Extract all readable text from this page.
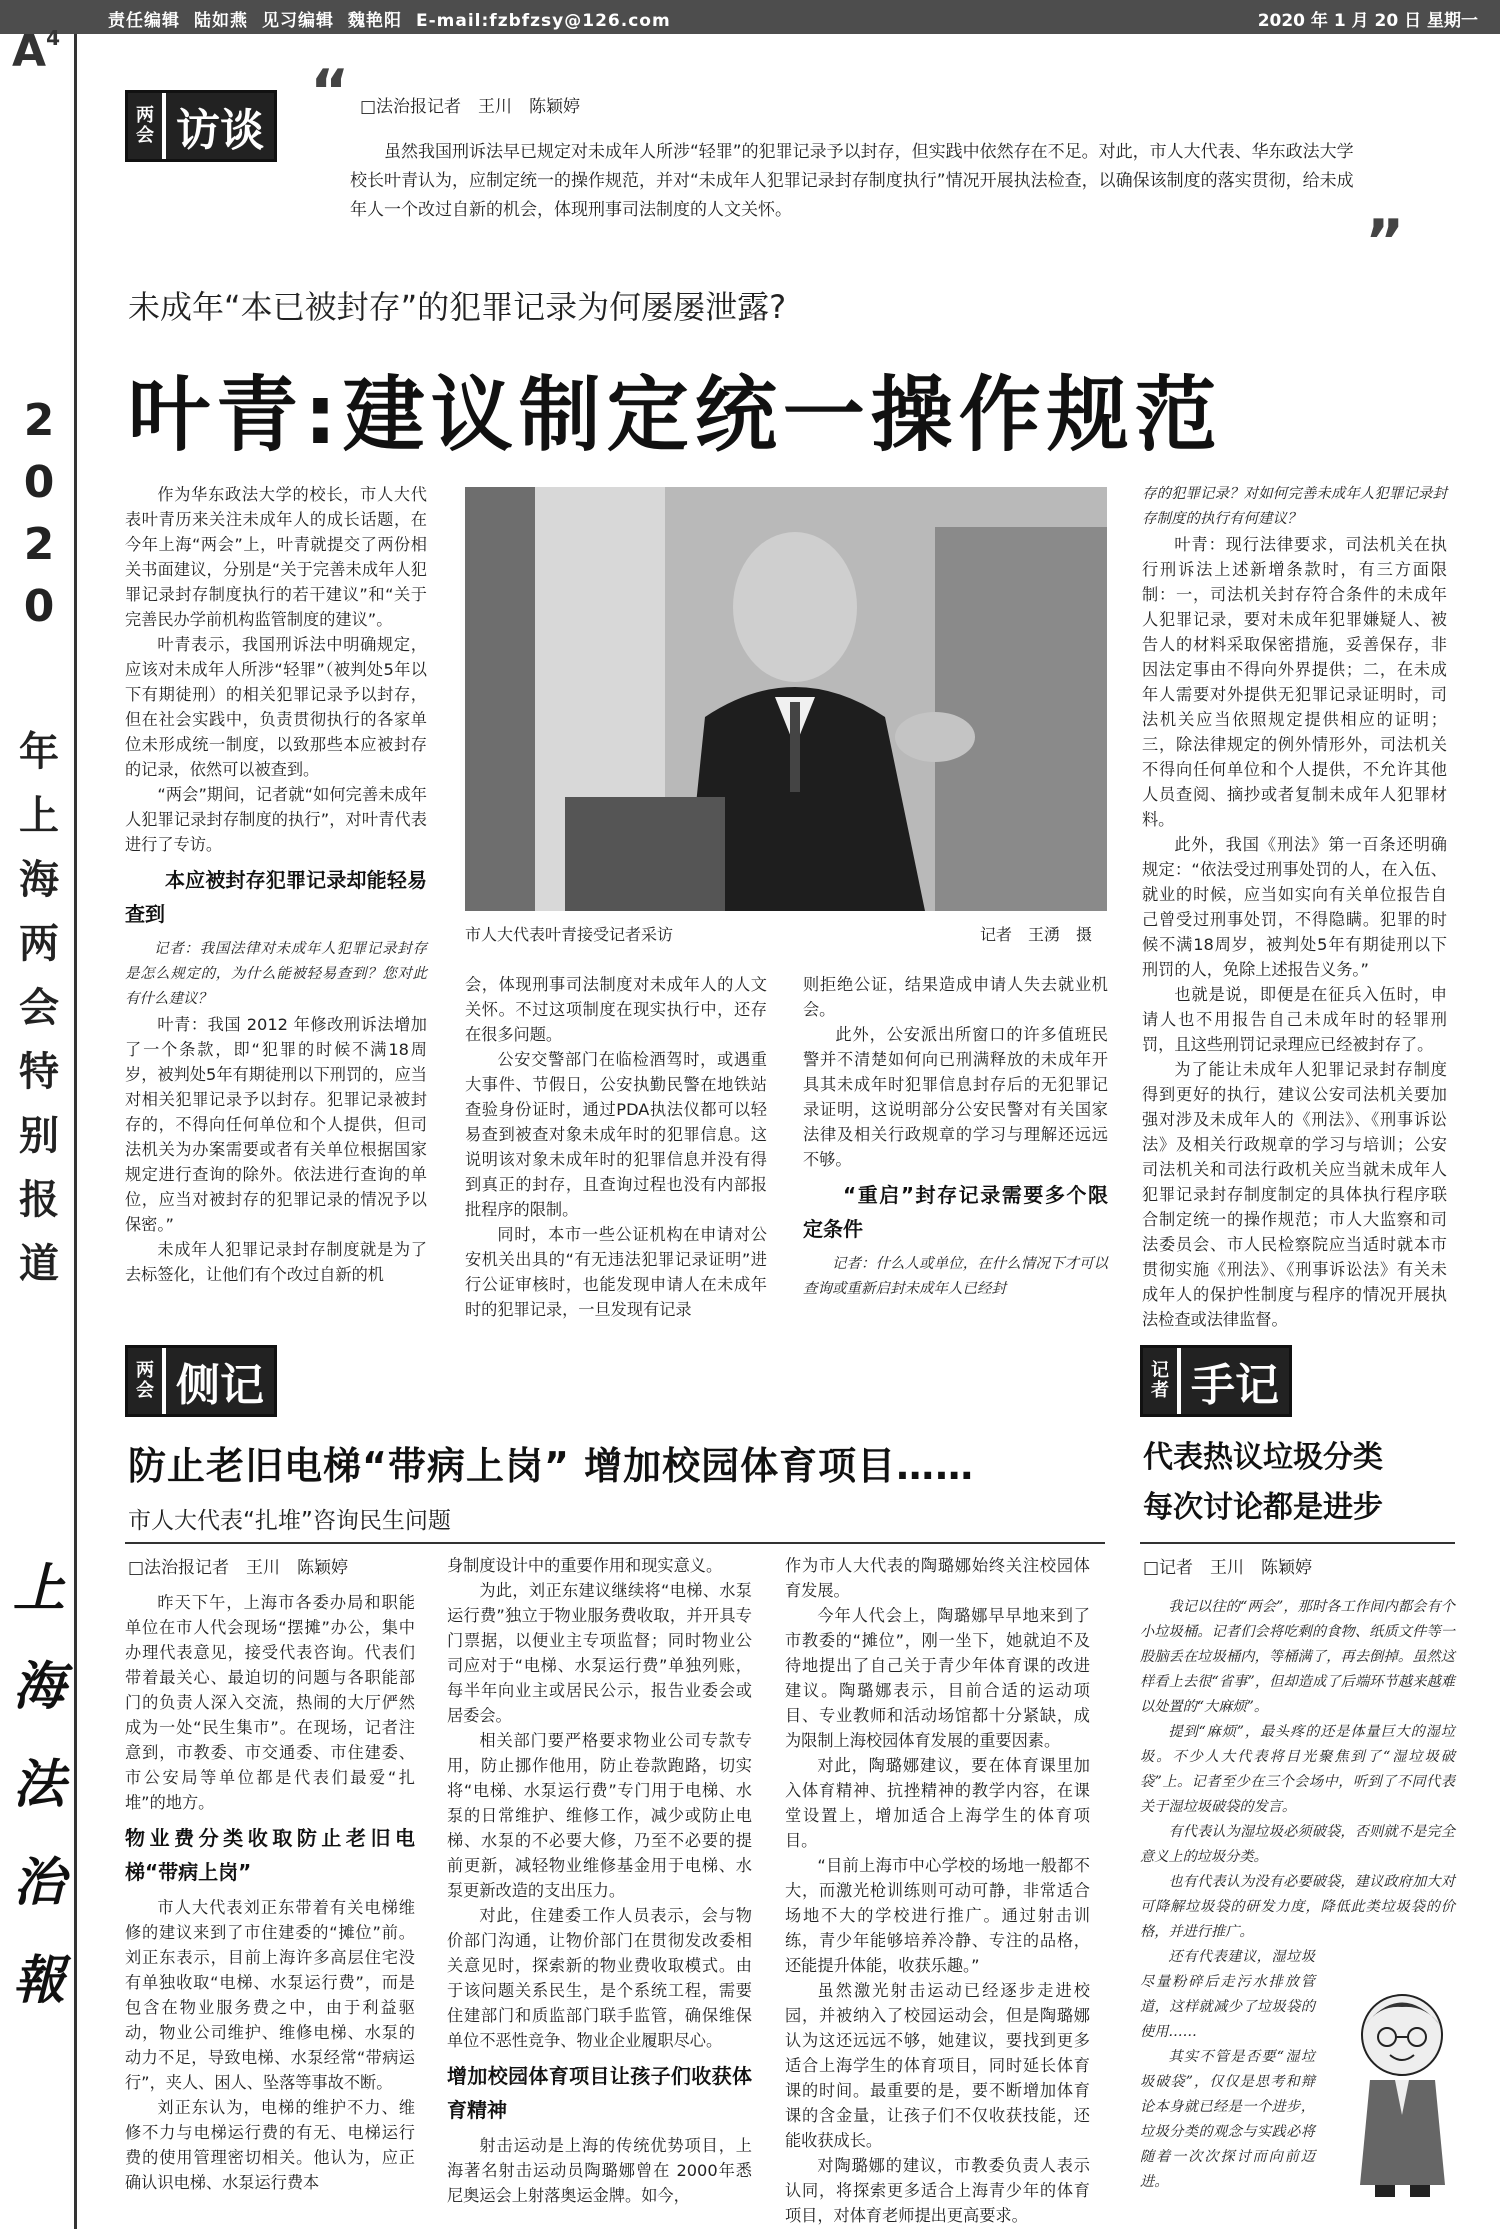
责任编辑 陆如燕 见习编辑 魏艳阳 E-mail:fzbfzsy@126.com	2020 年 1 月 20 日 星期一
$A^4$
2
0
2
0
年
上
海
两
会
特
别
报
道
上
海
法
治
報
两
会 访谈
“ □法治报记者　王川　陈颖婷
虽然我国刑诉法早已规定对未成年人所涉“轻罪”的犯罪记录予以封存，但实践中依然存在不足。对此，市人大代表、华东政法大学校长叶青认为，应制定统一的操作规范，并对“未成年人犯罪记录封存制度执行”情况开展执法检查，以确保该制度的落实贯彻，给未成年人一个改过自新的机会，体现刑事司法制度的人文关怀。	”
未成年“本已被封存”的犯罪记录为何屡屡泄露?
叶青:建议制定统一操作规范

作为华东政法大学的校长，市人大代表叶青历来关注未成年人的成长话题，在今年上海“两会”上，叶青就提交了两份相关书面建议，分别是“关于完善未成年人犯罪记录封存制度执行的若干建议”和“关于完善民办学前机构监管制度的建议”。

叶青表示，我国刑诉法中明确规定，应该对未成年人所涉“轻罪”（被判处5年以下有期徒刑）的相关犯罪记录予以封存，但在社会实践中，负责贯彻执行的各家单位未形成统一制度，以致那些本应被封存的记录，依然可以被查到。

“两会”期间，记者就“如何完善未成年人犯罪记录封存制度的执行”，对叶青代表进行了专访。

本应被封存犯罪记录却能轻易查到

记者：我国法律对未成年人犯罪记录封存是怎么规定的，为什么能被轻易查到？您对此有什么建议？

叶青：我国 2012 年修改刑诉法增加了一个条款，即“犯罪的时候不满18周岁，被判处5年有期徒刑以下刑罚的，应当对相关犯罪记录予以封存。犯罪记录被封存的，不得向任何单位和个人提供，但司法机关为办案需要或者有关单位根据国家规定进行查询的除外。依法进行查询的单位，应当对被封存的犯罪记录的情况予以保密。”

未成年人犯罪记录封存制度就是为了去标签化，让他们有个改过自新的机

市人大代表叶青接受记者采访	记者　王湧　摄

会，体现刑事司法制度对未成年人的人文关怀。不过这项制度在现实执行中，还存在很多问题。

公安交警部门在临检酒驾时，或遇重大事件、节假日，公安执勤民警在地铁站查验身份证时，通过PDA执法仪都可以轻易查到被查对象未成年时的犯罪信息。这说明该对象未成年时的犯罪信息并没有得到真正的封存，且查询过程也没有内部报批程序的限制。

同时，本市一些公证机构在申请对公安机关出具的“有无违法犯罪记录证明”进行公证审核时，也能发现申请人在未成年时的犯罪记录，一旦发现有记录

则拒绝公证，结果造成申请人失去就业机会。

此外，公安派出所窗口的许多值班民警并不清楚如何向已刑满释放的未成年开具其未成年时犯罪信息封存后的无犯罪记录证明，这说明部分公安民警对有关国家法律及相关行政规章的学习与理解还远远不够。

“重启”封存记录需要多个限定条件

记者：什么人或单位，在什么情况下才可以查询或重新启封未成年人已经封

存的犯罪记录？对如何完善未成年人犯罪记录封存制度的执行有何建议？

叶青：现行法律要求，司法机关在执行刑诉法上述新增条款时，有三方面限制：一，司法机关封存符合条件的未成年人犯罪记录，要对未成年犯罪嫌疑人、被告人的材料采取保密措施，妥善保存，非因法定事由不得向外界提供；二，在未成年人需要对外提供无犯罪记录证明时，司法机关应当依照规定提供相应的证明；三，除法律规定的例外情形外，司法机关不得向任何单位和个人提供，不允许其他人员查阅、摘抄或者复制未成年人犯罪材料。

此外，我国《刑法》第一百条还明确规定：“依法受过刑事处罚的人，在入伍、就业的时候，应当如实向有关单位报告自己曾受过刑事处罚，不得隐瞒。犯罪的时候不满18周岁，被判处5年有期徒刑以下刑罚的人，免除上述报告义务。”

也就是说，即便是在征兵入伍时，申请人也不用报告自己未成年时的轻罪刑罚，且这些刑罚记录理应已经被封存了。

为了能让未成年人犯罪记录封存制度得到更好的执行，建议公安司法机关要加强对涉及未成年人的《刑法》、《刑事诉讼法》及相关行政规章的学习与培训；公安司法机关和司法行政机关应当就未成年人犯罪记录封存制度制定的具体执行程序联合制定统一的操作规范；市人大监察和司法委员会、市人民检察院应当适时就本市贯彻实施《刑法》、《刑事诉讼法》有关未成年人的保护性制度与程序的情况开展执法检查或法律监督。

两
会 侧记
防止老旧电梯“带病上岗” 增加校园体育项目……
市人大代表“扎堆”咨询民生问题
□法治报记者　王川　陈颖婷

昨天下午，上海市各委办局和职能单位在市人代会现场“摆摊”办公，集中办理代表意见，接受代表咨询。代表们带着最关心、最迫切的问题与各职能部门的负责人深入交流，热闹的大厅俨然成为一处“民生集市”。在现场，记者注意到，市教委、市交通委、市住建委、市公安局等单位都是代表们最爱“扎堆”的地方。

物业费分类收取防止老旧电梯“带病上岗”

市人大代表刘正东带着有关电梯维修的建议来到了市住建委的“摊位”前。刘正东表示，目前上海许多高层住宅没有单独收取“电梯、水泵运行费”，而是包含在物业服务费之中，由于利益驱动，物业公司维护、维修电梯、水泵的动力不足，导致电梯、水泵经常“带病运行”，夹人、困人、坠落等事故不断。

刘正东认为，电梯的维护不力、维修不力与电梯运行费的有无、电梯运行费的使用管理密切相关。他认为，应正确认识电梯、水泵运行费本

身制度设计中的重要作用和现实意义。

为此，刘正东建议继续将“电梯、水泵运行费”独立于物业服务费收取，并开具专门票据，以便业主专项监督；同时物业公司应对于“电梯、水泵运行费”单独列账，每半年向业主或居民公示，报告业委会或居委会。

相关部门要严格要求物业公司专款专用，防止挪作他用，防止卷款跑路，切实将“电梯、水泵运行费”专门用于电梯、水泵的日常维护、维修工作，减少或防止电梯、水泵的不必要大修，乃至不必要的提前更新，减轻物业维修基金用于电梯、水泵更新改造的支出压力。

对此，住建委工作人员表示，会与物价部门沟通，让物价部门在贯彻发改委相关意见时，探索新的物业费收取模式。由于该问题关系民生，是个系统工程，需要住建部门和质监部门联手监管，确保维保单位不恶性竞争、物业企业履职尽心。

增加校园体育项目让孩子们收获体育精神

射击运动是上海的传统优势项目，上海著名射击运动员陶璐娜曾在 2000年悉尼奥运会上射落奥运金牌。如今，

作为市人大代表的陶璐娜始终关注校园体育发展。

今年人代会上，陶璐娜早早地来到了市教委的“摊位”，刚一坐下，她就迫不及待地提出了自己关于青少年体育课的改进建议。陶璐娜表示，目前合适的运动项目、专业教师和活动场馆都十分紧缺，成为限制上海校园体育发展的重要因素。

对此，陶璐娜建议，要在体育课里加入体育精神、抗挫精神的教学内容，在课堂设置上，增加适合上海学生的体育项目。

“目前上海市中心学校的场地一般都不大，而激光枪训练则可动可静，非常适合场地不大的学校进行推广。通过射击训练，青少年能够培养冷静、专注的品格，还能提升体能，收获乐趣。”

虽然激光射击运动已经逐步走进校园，并被纳入了校园运动会，但是陶璐娜认为这还远远不够，她建议，要找到更多适合上海学生的体育项目，同时延长体育课的时间。最重要的是，要不断增加体育课的含金量，让孩子们不仅收获技能，还能收获成长。

对陶璐娜的建议，市教委负责人表示认同，将探索更多适合上海青少年的体育项目，对体育老师提出更高要求。

记
者 手记
代表热议垃圾分类
每次讨论都是进步
□记者　王川　陈颖婷

我记以往的“两会”，那时各工作间内都会有个小垃圾桶。记者们会将吃剩的食物、纸质文件等一股脑丢在垃圾桶内，等桶满了，再去倒掉。虽然这样看上去很“省事”，但却造成了后端环节越来越难以处置的“大麻烦”。

提到“麻烦”，最头疼的还是体量巨大的湿垃圾。不少人大代表将目光聚焦到了“湿垃圾破袋”上。记者至少在三个会场中，听到了不同代表关于湿垃圾破袋的发言。

有代表认为湿垃圾必须破袋，否则就不是完全意义上的垃圾分类。

也有代表认为没有必要破袋，建议政府加大对可降解垃圾袋的研发力度，降低此类垃圾袋的价格，并进行推广。

还有代表建议，湿垃圾尽量粉碎后走污水排放管道，这样就减少了垃圾袋的使用……

其实不管是否要“湿垃圾破袋”，仅仅是思考和辩论本身就已经是一个进步，垃圾分类的观念与实践必将随着一次次探讨而向前迈进。
